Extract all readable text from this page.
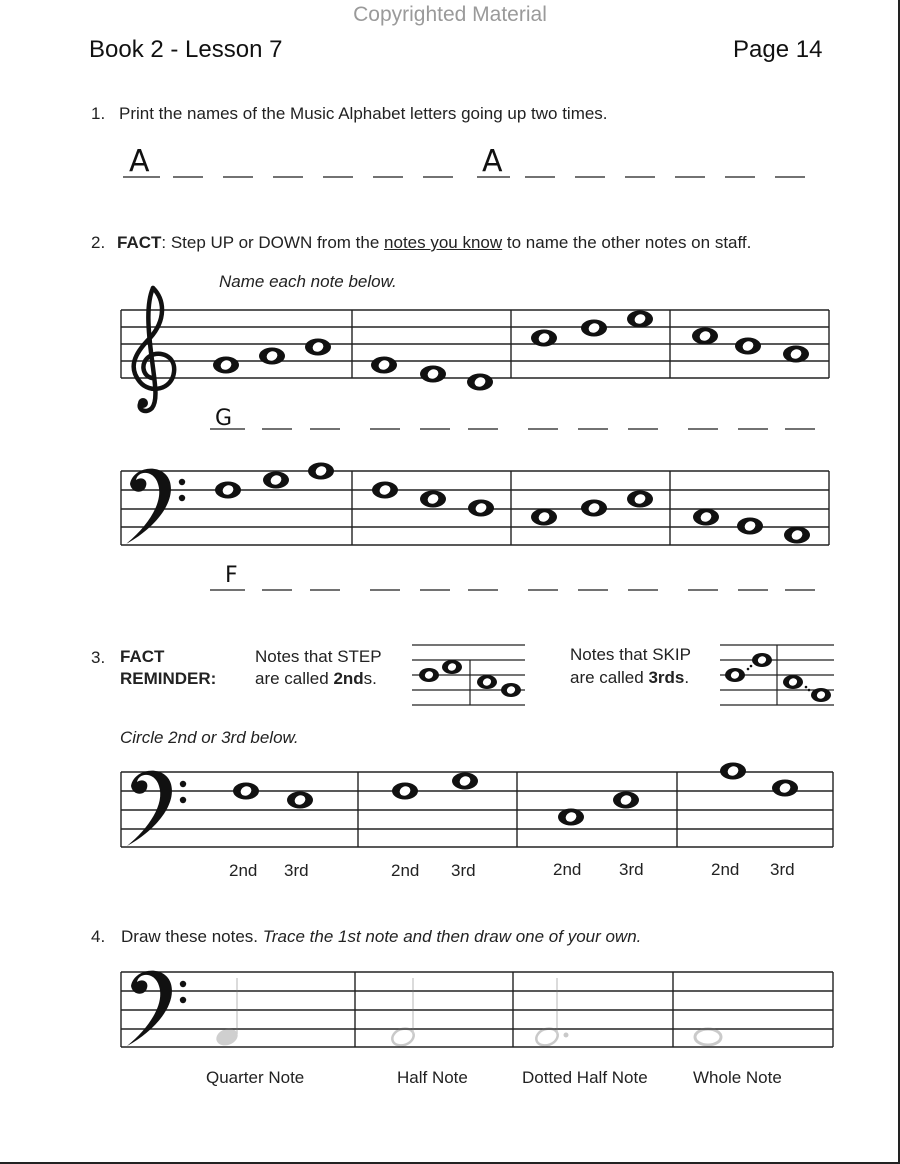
Copyrighted Material
Book 2 - Lesson 7	Page 14
1. Print the names of the Music Alphabet letters going up two times.
A	A
2. FACT: Step UP or DOWN from the notes you know to name the other notes on staff.
Name each note below.
G
F
3. FACT
REMINDER:
Notes that STEP
are called 2nds.
Notes that SKIP
are called 3rds.
Circle 2nd or 3rd below.
2nd 3rd	2nd 3rd	2nd 3rd	2nd 3rd
4. Draw these notes. Trace the 1st note and then draw one of your own.
Quarter Note	Half Note	Dotted Half Note	Whole Note
